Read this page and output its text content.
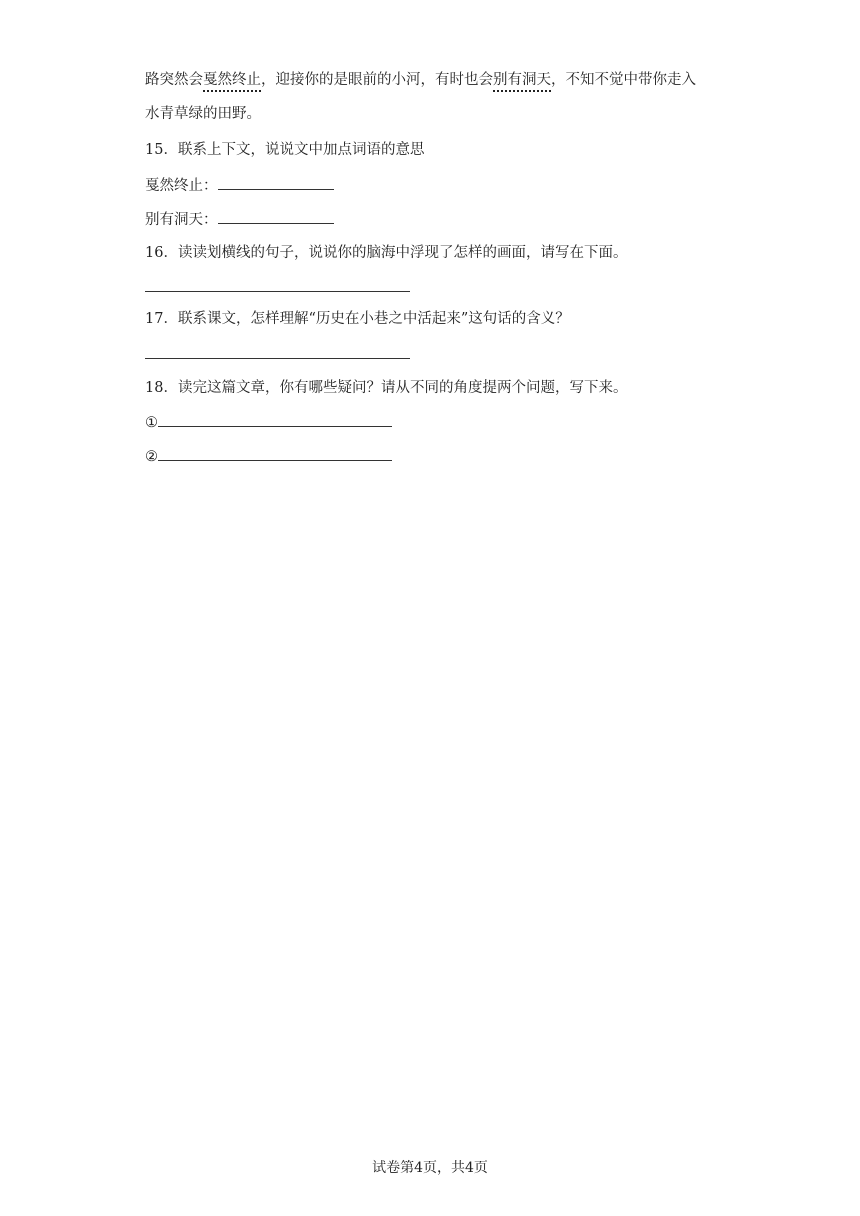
路突然会戛然终止，迎接你的是眼前的小河，有时也会别有洞天，不知不觉中带你走入
水青草绿的田野。
15．联系上下文，说说文中加点词语的意思
戛然终止：
别有洞天：
16．读读划横线的句子，说说你的脑海中浮现了怎样的画面，请写在下面。
17．联系课文，怎样理解“历史在小巷之中活起来”这句话的含义？
18．读完这篇文章，你有哪些疑问？请从不同的角度提两个问题，写下来。
①
②
试卷第4页，共4页
